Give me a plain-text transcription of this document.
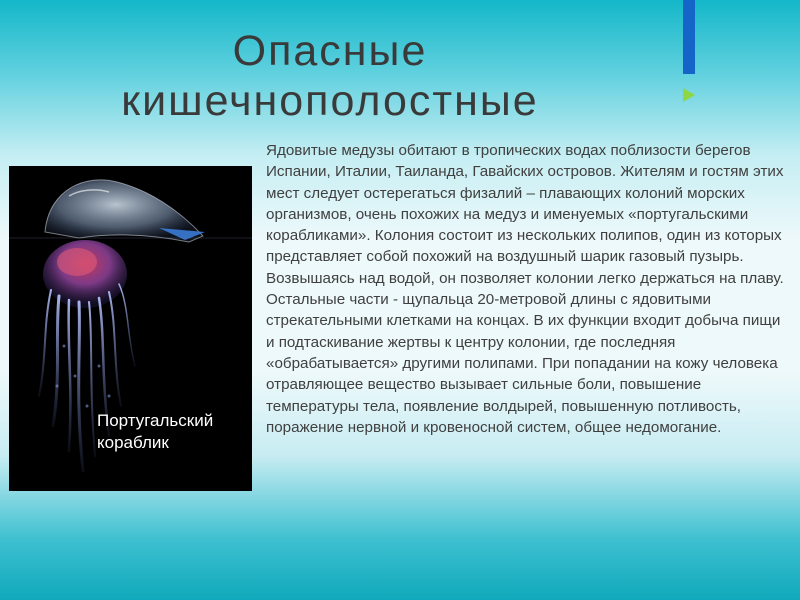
Опасные кишечнополостные

Португальский кораблик

Ядовитые медузы обитают в тропических водах поблизости берегов Испании, Италии, Таиланда, Гавайских островов. Жителям и гостям этих мест следует остерегаться физалий – плавающих колоний морских организмов, очень похожих на медуз и именуемых «португальскими корабликами». Колония состоит из нескольких полипов, один из которых представляет собой похожий на воздушный шарик газовый пузырь. Возвышаясь над водой, он позволяет колонии легко держаться на плаву. Остальные части - щупальца 20-метровой длины с ядовитыми стрекательными клетками на концах. В их функции входит добыча пищи и подтаскивание жертвы к центру колонии, где последняя «обрабатывается» другими полипами. При попадании на кожу человека отравляющее вещество вызывает сильные боли, повышение температуры тела, появление волдырей, повышенную потливость, поражение нервной и кровеносной систем, общее недомогание.
